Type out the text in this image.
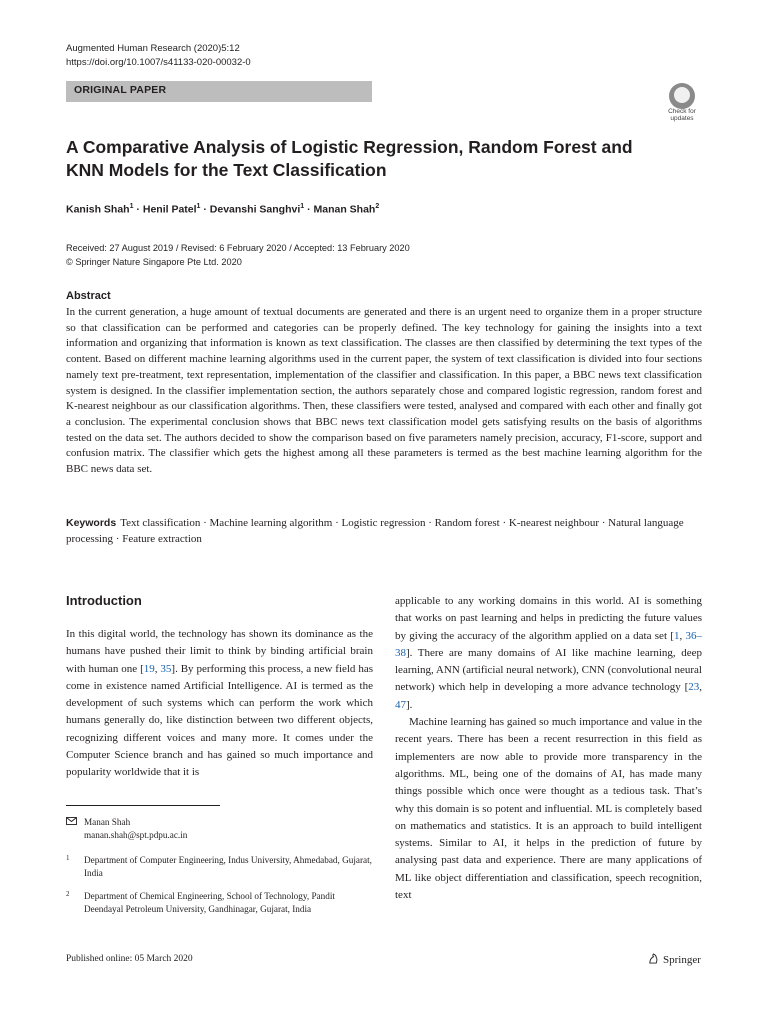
Augmented Human Research (2020)5:12
https://doi.org/10.1007/s41133-020-00032-0
ORIGINAL PAPER
Check for updates
A Comparative Analysis of Logistic Regression, Random Forest and KNN Models for the Text Classification
Kanish Shah$^1$ · Henil Patel$^1$ · Devanshi Sanghvi$^1$ · Manan Shah$^2$
Received: 27 August 2019 / Revised: 6 February 2020 / Accepted: 13 February 2020
© Springer Nature Singapore Pte Ltd. 2020
Abstract
In the current generation, a huge amount of textual documents are generated and there is an urgent need to organize them in a proper structure so that classification can be performed and categories can be properly defined. The key technology for gaining the insights into a text information and organizing that information is known as text classification. The classes are then classified by determining the text types of the content. Based on different machine learning algorithms used in the current paper, the system of text classification is divided into four sections namely text pre-treatment, text representation, implementation of the classifier and classification. In this paper, a BBC news text classification system is designed. In the classifier implementation section, the authors separately chose and compared logistic regression, random forest and K-nearest neighbour as our classification algorithms. Then, these classifiers were tested, analysed and compared with each other and finally got a conclusion. The experimental conclusion shows that BBC news text classification model gets satisfying results on the basis of algorithms tested on the data set. The authors decided to show the comparison based on five parameters namely precision, accuracy, F1-score, support and confusion matrix. The classifier which gets the highest among all these parameters is termed as the best machine learning algorithm for the BBC news data set.
Keywords Text classification · Machine learning algorithm · Logistic regression · Random forest · K-nearest neighbour · Natural language processing · Feature extraction
Introduction
In this digital world, the technology has shown its dominance as the humans have pushed their limit to think by binding artificial brain with human one [19, 35]. By performing this process, a new field has come in existence named Artificial Intelligence. AI is termed as the development of such systems which can perform the work which humans generally do, like distinction between two different objects, recognizing different voices and many more. It comes under the Computer Science branch and has gained so much importance and popularity worldwide that it is

applicable to any working domains in this world. AI is something that works on past learning and helps in predicting the future values by giving the accuracy of the algorithm applied on a data set [1, 36–38]. There are many domains of AI like machine learning, deep learning, ANN (artificial neural network), CNN (convolutional neural network) which help in developing a more advance technology [23, 47].

Machine learning has gained so much importance and value in the recent years. There has been a recent resurrection in this field as implementers are now able to provide more transparency in the algorithms. ML, being one of the domains of AI, has made many things possible which once were thought as a tedious task. That’s why this domain is so potent and influential. ML is completely based on mathematics and statistics. It is an approach to build intelligent systems. Similar to AI, it helps in the prediction of future by analysing past data and experience. There are many applications of ML like object differentiation and classification, speech recognition, text

Manan Shah
manan.shah@spt.pdpu.ac.in
1 Department of Computer Engineering, Indus University, Ahmedabad, Gujarat, India
2 Department of Chemical Engineering, School of Technology, Pandit Deendayal Petroleum University, Gandhinagar, Gujarat, India
Published online: 05 March 2020	Springer
